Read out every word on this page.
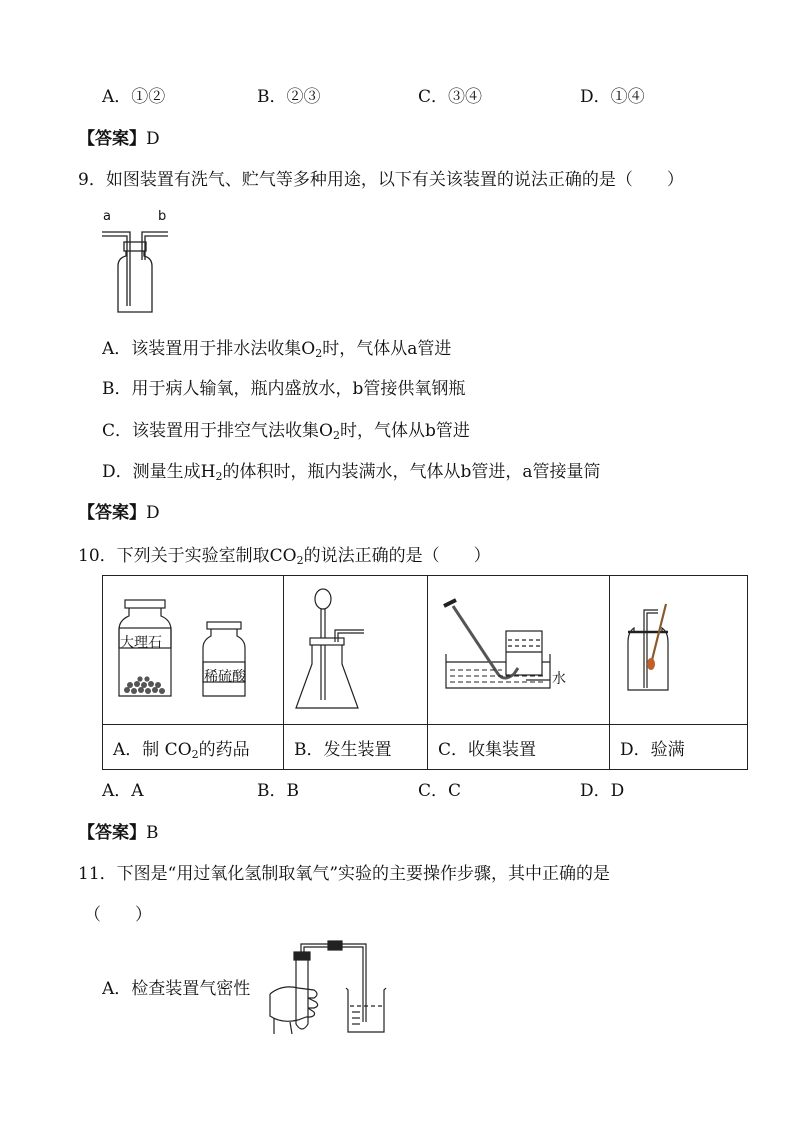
A．①②	B．②③	C．③④	D．①④
【答案】D
9．如图装置有洗气、贮气等多种用途，以下有关该装置的说法正确的是（　　）
a	b
A．该装置用于排水法收集$O_2$时，气体从a管进
B．用于病人输氧，瓶内盛放水，b管接供氧钢瓶
C．该装置用于排空气法收集$O_2$时，气体从b管进
D．测量生成$H_2$的体积时，瓶内装满水，气体从b管进，a管接量筒
【答案】D
10．下列关于实验室制取$CO_2$的说法正确的是（　　）
大理石
稀硫酸		水

A．制 $CO_2$的药品	B．发生装置	C．收集装置	D．验满
A．A	B．B	C．C	D．D
【答案】B
11．下图是“用过氧化氢制取氧气”实验的主要操作步骤，其中正确的是
（　　）
A．检查装置气密性
